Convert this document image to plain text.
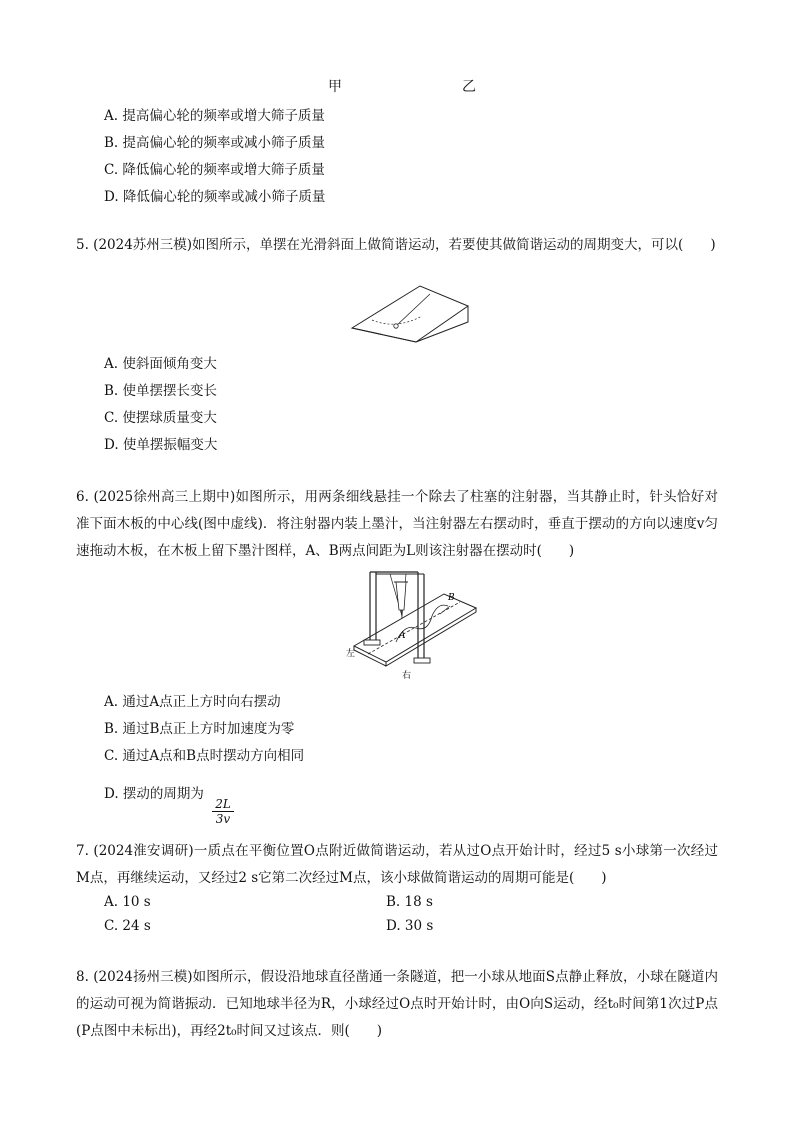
甲	乙
A. 提高偏心轮的频率或增大筛子质量
B. 提高偏心轮的频率或减小筛子质量
C. 降低偏心轮的频率或增大筛子质量
D. 降低偏心轮的频率或减小筛子质量
5. (2024苏州三模)如图所示，单摆在光滑斜面上做简谐运动，若要使其做简谐运动的周期变大，可以(　　)
A. 使斜面倾角变大
B. 使单摆摆长变长
C. 使摆球质量变大
D. 使单摆振幅变大
6. (2025徐州高三上期中)如图所示，用两条细线悬挂一个除去了柱塞的注射器，当其静止时，针头恰好对准下面木板的中心线(图中虚线)．将注射器内装上墨汁，当注射器左右摆动时，垂直于摆动的方向以速度v匀速拖动木板，在木板上留下墨汁图样，A、B两点间距为L则该注射器在摆动时(　　)
B
A
左
右
A. 通过A点正上方时向右摆动
B. 通过B点正上方时加速度为零
C. 通过A点和B点时摆动方向相同
D. 摆动的周期为
$\frac{2L}{3v}$
7. (2024淮安调研)一质点在平衡位置O点附近做简谐运动，若从过O点开始计时，经过5 s小球第一次经过M点，再继续运动，又经过2 s它第二次经过M点，该小球做简谐运动的周期可能是(　　)
A. 10 s	B. 18 s
C. 24 s	D. 30 s
8. (2024扬州三模)如图所示，假设沿地球直径凿通一条隧道，把一小球从地面S点静止释放，小球在隧道内的运动可视为简谐振动．已知地球半径为R，小球经过O点时开始计时，由O向S运动，经t₀时间第1次过P点(P点图中未标出)，再经2t₀时间又过该点．则(　　)
